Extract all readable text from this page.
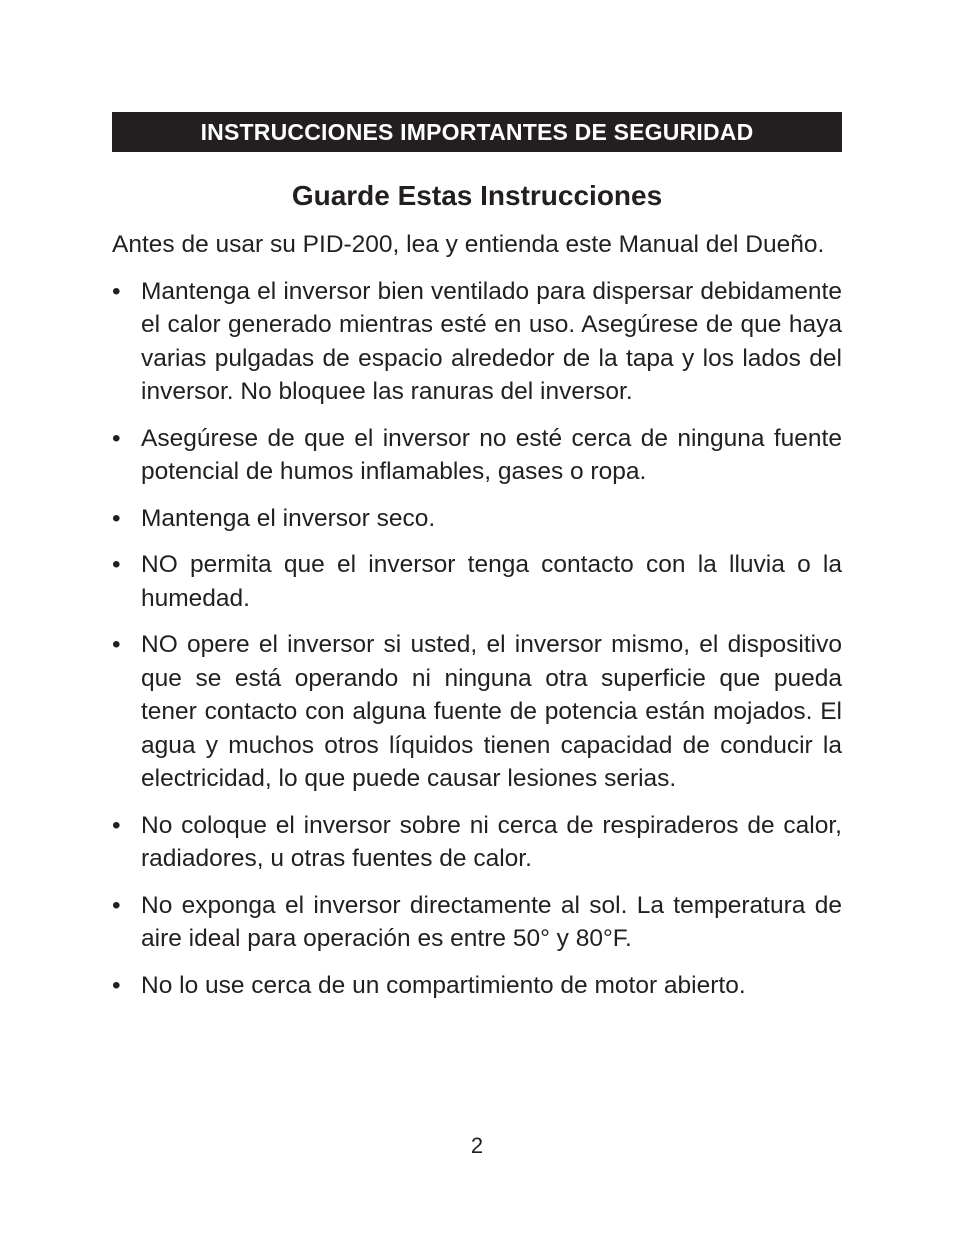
INSTRUCCIONES IMPORTANTES DE SEGURIDAD
Guarde Estas Instrucciones
Antes de usar su PID-200, lea y entienda este Manual del Dueño.
• Mantenga el inversor bien ventilado para dispersar debidamente el calor generado mientras esté en uso. Asegúrese de que haya varias pulgadas de espacio alrededor de la tapa y los lados del inversor. No bloquee las ranuras del inversor.
• Asegúrese de que el inversor no esté cerca de ninguna fuente potencial de humos inflamables, gases o ropa.
• Mantenga el inversor seco.
• NO permita que el inversor tenga contacto con la lluvia o la humedad.
• NO opere el inversor si usted, el inversor mismo, el dispositivo que se está operando ni ninguna otra superficie que pueda tener contacto con alguna fuente de potencia están mojados. El agua y muchos otros líquidos tienen capacidad de conducir la electricidad, lo que puede causar lesiones serias.
• No coloque el inversor sobre ni cerca de respiraderos de calor, radiadores, u otras fuentes de calor.
• No exponga el inversor directamente al sol. La temperatura de aire ideal para operación es entre 50° y 80°F.
• No lo use cerca de un compartimiento de motor abierto.
2
